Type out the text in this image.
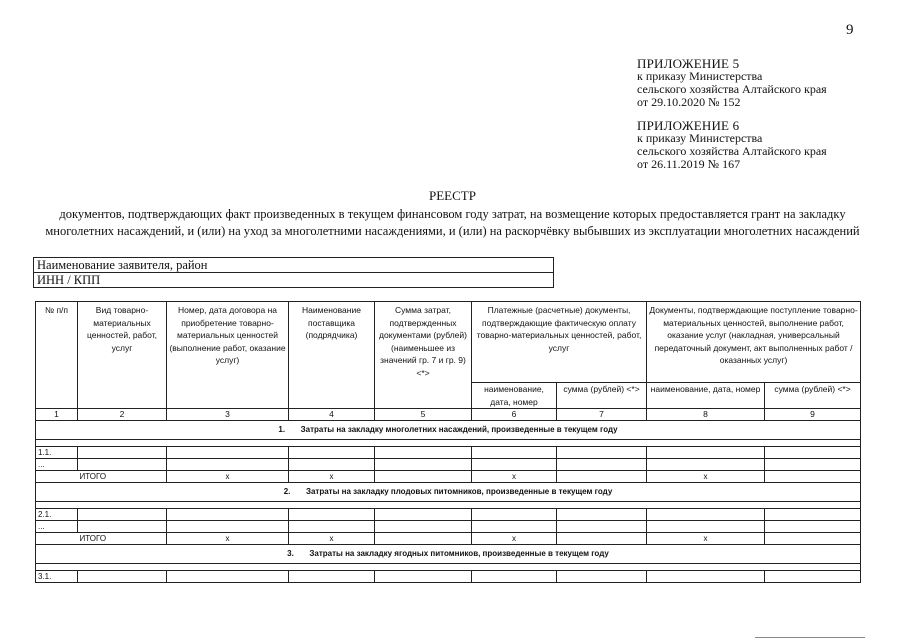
9
ПРИЛОЖЕНИЕ 5
к приказу Министерства
сельского хозяйства Алтайского края
от 29.10.2020 № 152
ПРИЛОЖЕНИЕ 6
к приказу Министерства
сельского хозяйства Алтайского края
от 26.11.2019 № 167
РЕЕСТР
документов, подтверждающих факт произведенных в текущем финансовом году затрат, на возмещение которых предоставляется грант на закладку многолетних насаждений, и (или) на уход за многолетними насаждениями, и (или) на раскорчёвку выбывших из эксплуатации многолетних насаждений
Наименование заявителя, район
ИНН / КПП
№ п/п	Вид товарно-материальных ценностей, работ, услуг	Номер, дата договора на приобретение товарно-материальных ценностей (выполнение работ, оказание услуг)	Наименование поставщика (подрядчика)	Сумма затрат, подтвержденных документами (рублей) (наименьшее из значений гр. 7 и гр. 9) <*>	Платежные (расчетные) документы, подтверждающие фактическую оплату товарно-материальных ценностей, работ, услуг		Документы, подтверждающие поступление товарно-материальных ценностей, выполнение работ, оказание услуг (накладная, универсальный передаточный документ, акт выполненных работ / оказанных услуг)	
					наименование, дата, номер	сумма (рублей) <*>	наименование, дата, номер	сумма (рублей) <*>
1	2	3	4	5	6	7	8	9
1. Затраты на закладку многолетних насаждений, произведенные в текущем году								

1.1.								
...								
	ИТОГО	x	x		x		x	
2. Затраты на закладку плодовых питомников, произведенные в текущем году								

2.1.								
...								
	ИТОГО	x	x		x		x	
3. Затраты на закладку ягодных питомников, произведенные в текущем году								

3.1.								
